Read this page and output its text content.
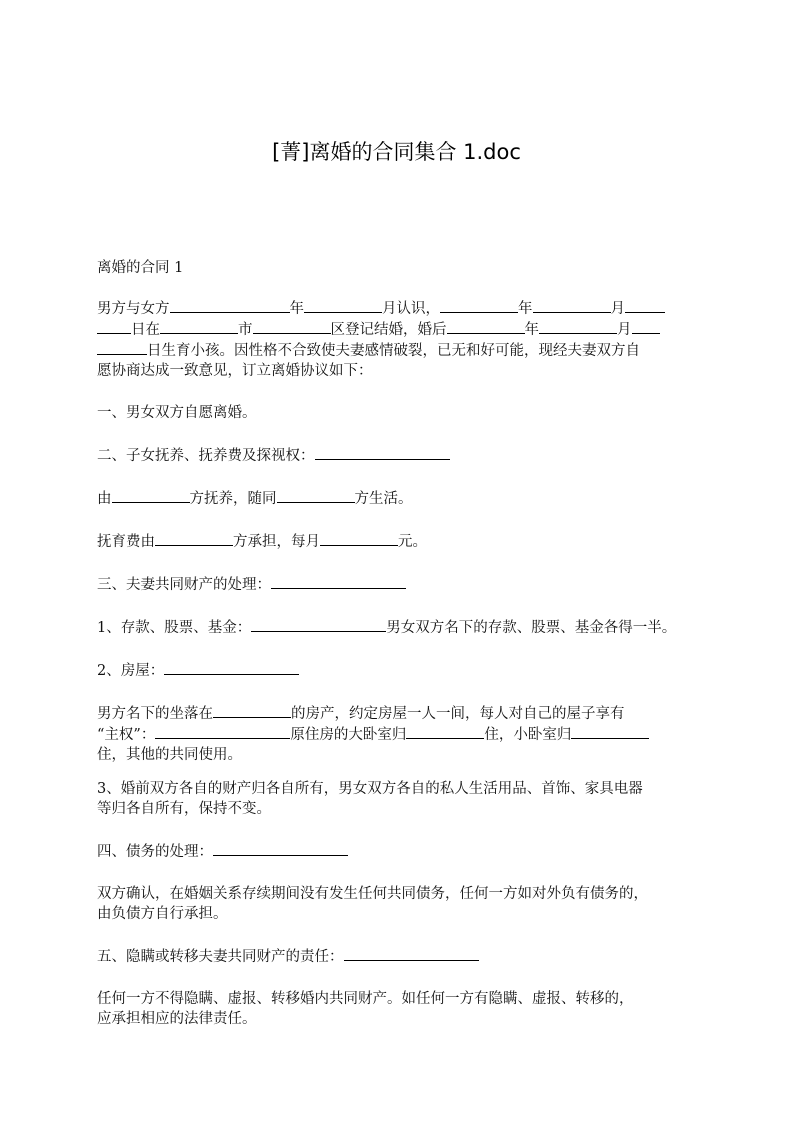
[菁]离婚的合同集合 1.doc

离婚的合同 1

男方与女方	年	月认识，	年	月
日在	市	区登记结婚，婚后	年	月
日生育小孩。因性格不合致使夫妻感情破裂，已无和好可能，现经夫妻双方自
愿协商达成一致意见，订立离婚协议如下：

一、男女双方自愿离婚。

二、子女抚养、抚养费及探视权：

由	方抚养，随同	方生活。

抚育费由	方承担，每月	元。

三、夫妻共同财产的处理：

1、存款、股票、基金：	男女双方名下的存款、股票、基金各得一半。

2、房屋：

男方名下的坐落在	的房产，约定房屋一人一间，每人对自己的屋子享有
“主权”：	原住房的大卧室归	住，小卧室归
住，其他的共同使用。

3、婚前双方各自的财产归各自所有，男女双方各自的私人生活用品、首饰、家具电器
等归各自所有，保持不变。

四、债务的处理：

双方确认，在婚姻关系存续期间没有发生任何共同债务，任何一方如对外负有债务的，
由负债方自行承担。

五、隐瞒或转移夫妻共同财产的责任：

任何一方不得隐瞒、虚报、转移婚内共同财产。如任何一方有隐瞒、虚报、转移的，
应承担相应的法律责任。
